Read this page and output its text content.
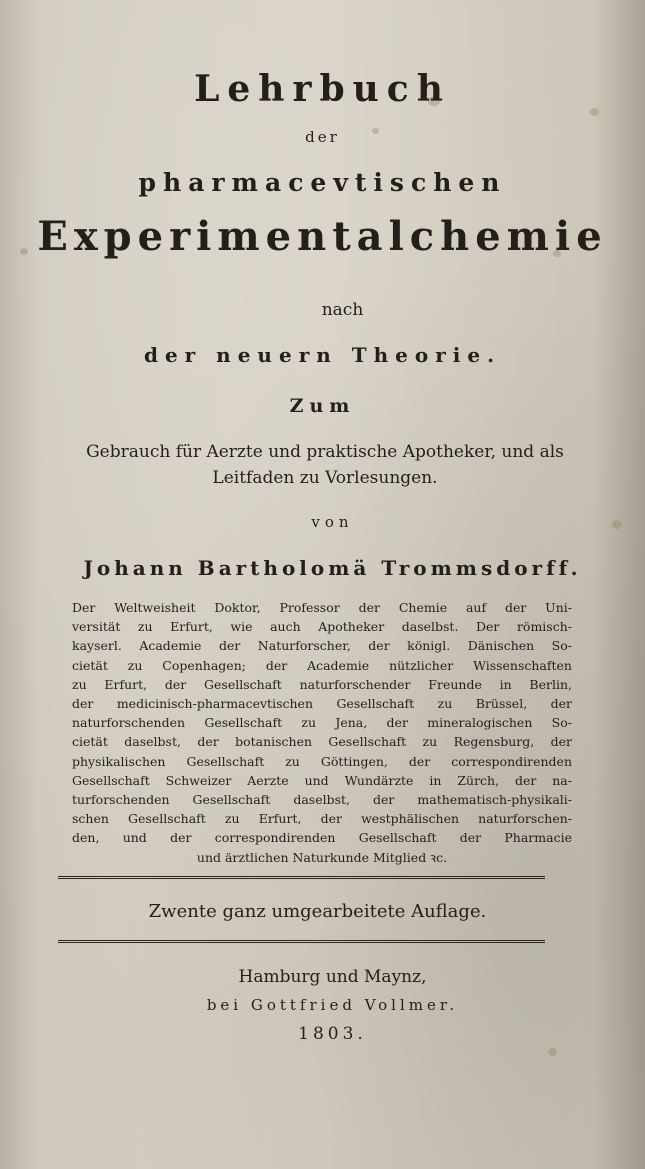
Lehrbuch
der
pharmacevtischen
Experimentalchemie
nach
der neuern Theorie.
Zum
Gebrauch für Aerzte und praktische Apotheker, und als
Leitfaden zu Vorlesungen.
von
Johann Bartholomä Trommsdorff.
Der Weltweisheit Doktor, Professor der Chemie auf der Uni-
versität zu Erfurt, wie auch Apotheker daselbst. Der römisch-
kayserl. Academie der Naturforscher, der königl. Dänischen So-
cietät zu Copenhagen; der Academie nützlicher Wissenschaften
zu Erfurt, der Gesellschaft naturforschender Freunde in Berlin,
der medicinisch-pharmacevtischen Gesellschaft zu Brüssel, der
naturforschenden Gesellschaft zu Jena, der mineralogischen So-
cietät daselbst, der botanischen Gesellschaft zu Regensburg, der
physikalischen Gesellschaft zu Göttingen, der correspondirenden
Gesellschaft Schweizer Aerzte und Wundärzte in Zürch, der na-
turforschenden Gesellschaft daselbst, der mathematisch-physikali-
schen Gesellschaft zu Erfurt, der westphälischen naturforschen-
den, und der correspondirenden Gesellschaft der Pharmacie
und ärztlichen Naturkunde Mitglied ꝛc.
Zwente ganz umgearbeitete Auflage.
Hamburg und Maynz,
bei Gottfried Vollmer.
1803.
